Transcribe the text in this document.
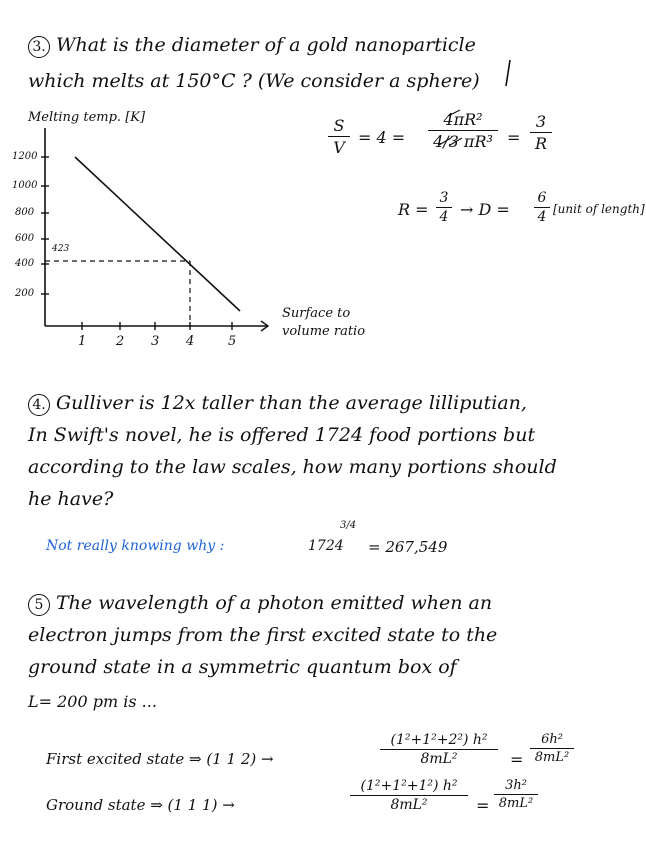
3. What is the diameter of a gold nanoparticle
which melts at 150°C ? (We consider a sphere)
Melting temp. [K]
1200
1000
800
600
400
200
423
1 2 3 4	5
Surface to
volume ratio
S
V
= 4 =
4πR²
4/3 πR³ =
3
R
R =
3
4 → D =
6
4 [unit of length]
4. Gulliver is 12x taller than the average lilliputian,
In Swift's novel, he is offered 1724 food portions but
according to the law scales, how many portions should
he have?
Not really knowing why :	1724
3/4
= 267,549
5 The wavelength of a photon emitted when an
electron jumps from the first excited state to the
ground state in a symmetric quantum box of
L= 200 pm is ...
First excited state ⇒ (1 1 2) →
(1²+1²+2²) h²
8mL²	=
6h²
8mL²
Ground state ⇒ (1 1 1) →
(1²+1²+1²) h²
8mL²	=
3h²
8mL²
